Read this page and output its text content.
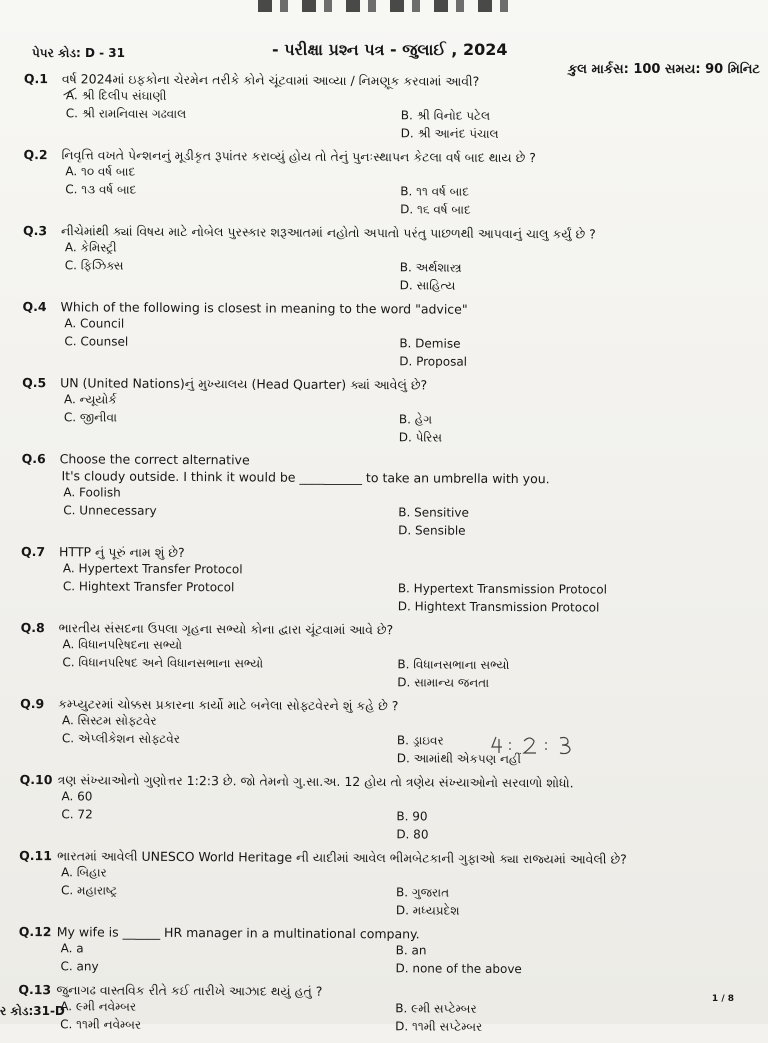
પેપર કોડ: D - 31	- પરીક્ષા પ્રશ્ન પત્ર - જુલાઈ , 2024
કુલ માર્કસ: 100 સમય: 90 મિનિટ
Q.1	વર્ષ 2024માં ઇફકોના ચેરમેન તરીકે કોને ચૂંટવામાં આવ્યા / નિમણૂક કરવામાં આવી?
A. શ્રી દિલીપ સંઘાણી
C. શ્રી રામનિવાસ ગઢવાલ	B. શ્રી વિનોદ પટેલ
D. શ્રી આનંદ પંચાલ
Q.2	નિવૃત્તિ વખતે પેન્શનનું મૂડીકૃત રૂપાંતર કરાવ્યું હોય તો તેનું પુનઃસ્થાપન કેટલા વર્ષ બાદ થાય છે ?
A. ૧૦ વર્ષ બાદ
C. ૧૩ વર્ષ બાદ	B. ૧૧ વર્ષ બાદ
D. ૧૬ વર્ષ બાદ
Q.3	નીચેમાંથી ક્યાં વિષય માટે નોબેલ પુરસ્કાર શરૂઆતમાં નહોતો અપાતો પરંતુ પાછળથી આપવાનું ચાલુ કર્યું છે ?
A. કેમિસ્ટ્રી
C. ફિઝિક્સ	B. અર્થશાસ્ત્ર
D. સાહિત્ય
Q.4	Which of the following is closest in meaning to the word "advice"
A. Council
C. Counsel	B. Demise
D. Proposal
Q.5	UN (United Nations)નું મુખ્યાલય (Head Quarter) ક્યાં આવેલું છે?
A. ન્યૂયોર્ક
C. જીનીવા	B. હેગ
D. પેરિસ
Q.6	Choose the correct alternative
It's cloudy outside. I think it would be __________ to take an umbrella with you.
A. Foolish
C. Unnecessary	B. Sensitive
D. Sensible
Q.7	HTTP નું પૂરું નામ શું છે?
A. Hypertext Transfer Protocol
C. Hightext Transfer Protocol	B. Hypertext Transmission Protocol
D. Hightext Transmission Protocol
Q.8	ભારતીય સંસદના ઉપલા ગૃહના સભ્યો કોના દ્વારા ચૂંટવામાં આવે છે?
A. વિધાનપરિષદના સભ્યો
C. વિધાનપરિષદ અને વિધાનસભાના સભ્યો	B. વિધાનસભાના સભ્યો
D. સામાન્ય જનતા
Q.9	કમ્પ્યુટરમાં ચોક્કસ પ્રકારના કાર્યો માટે બનેલા સોફ્ટવેરને શું કહે છે ?
A. સિસ્ટમ સોફ્ટવેર
C. એપ્લીકેશન સોફ્ટવેર	B. ડ્રાઇવર
D. આમાંથી એકપણ નહીં
Q.10 ત્રણ સંખ્યાઓનો ગુણોત્તર 1:2:3 છે. જો તેમનો ગુ.સા.અ. 12 હોય તો ત્રણેય સંખ્યાઓનો સરવાળો શોધો.
A. 60
C. 72	B. 90
D. 80
Q.11 ભારતમાં આવેલી UNESCO World Heritage ની યાદીમાં આવેલ ભીમબેટકાની ગુફાઓ ક્યા રાજ્યમાં આવેલી છે?
A. બિહાર
C. મહારાષ્ટ્ર	B. ગુજરાત
D. મધ્યપ્રદેશ
Q.12 My wife is ______ HR manager in a multinational company.
A. a	B. an
C. any	D. none of the above
Q.13 જુનાગઢ વાસ્તવિક રીતે કઈ તારીખે આઝાદ થયું હતું ?
A. ૯મી નવેમ્બર	B. ૯મી સપ્ટેમ્બર
C. ૧૧મી નવેમ્બર	D. ૧૧મી સપ્ટેમ્બર
ર કોડ:31-D
1 / 8
